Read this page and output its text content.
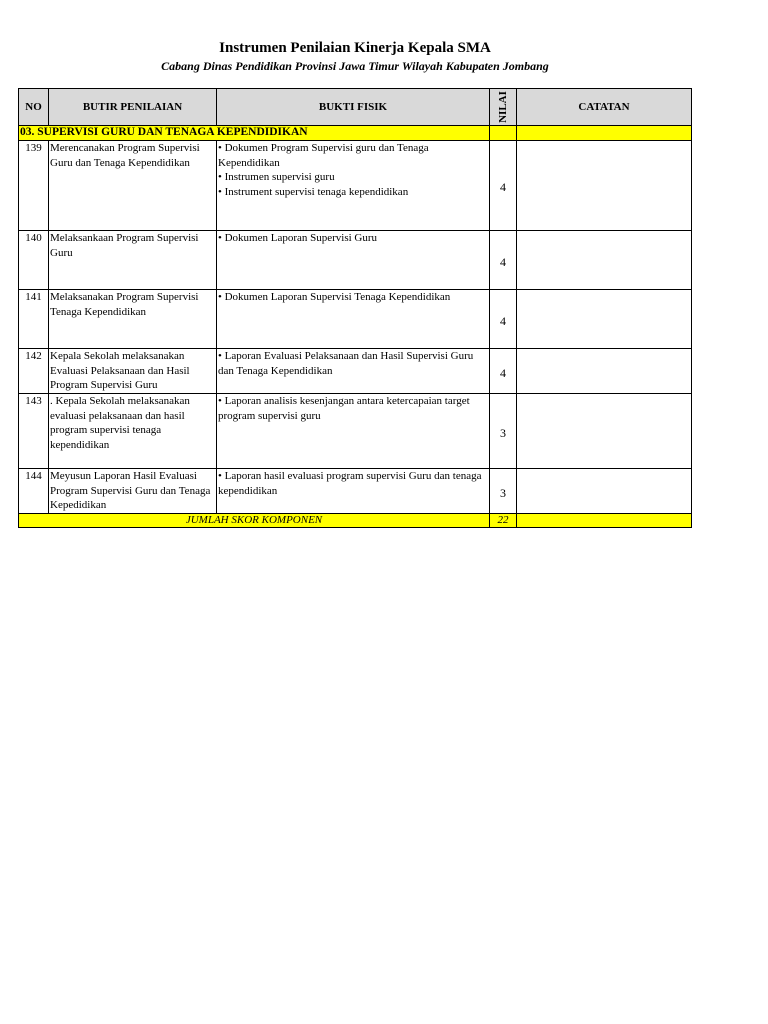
Instrumen Penilaian Kinerja Kepala SMA
Cabang Dinas Pendidikan Provinsi Jawa Timur Wilayah Kabupaten Jombang
NO	BUTIR PENILAIAN	BUKTI FISIK	NILAI	CATATAN
03. SUPERVISI GURU DAN TENAGA KEPENDIDIKAN				
139	Merencanakan Program Supervisi Guru dan Tenaga Kependidikan	• Dokumen Program Supervisi guru dan Tenaga Kependidikan
• Instrumen supervisi guru
• Instrument supervisi tenaga kependidikan	4	
140	Melaksankaan Program Supervisi Guru	• Dokumen Laporan Supervisi Guru	4	
141	Melaksanakan Program Supervisi Tenaga Kependidikan	• Dokumen Laporan Supervisi Tenaga Kependidikan	4	
142	Kepala Sekolah melaksanakan Evaluasi Pelaksanaan dan Hasil Program Supervisi Guru	• Laporan Evaluasi Pelaksanaan dan Hasil Supervisi Guru dan Tenaga Kependidikan	4	
143	. Kepala Sekolah melaksanakan evaluasi pelaksanaan dan hasil program supervisi tenaga kependidikan	• Laporan analisis kesenjangan antara ketercapaian target program supervisi guru	3	
144	Meyusun Laporan Hasil Evaluasi Program Supervisi Guru dan Tenaga Kepedidikan	• Laporan hasil evaluasi program supervisi Guru dan tenaga kependidikan	3	
JUMLAH SKOR KOMPONEN			22	
